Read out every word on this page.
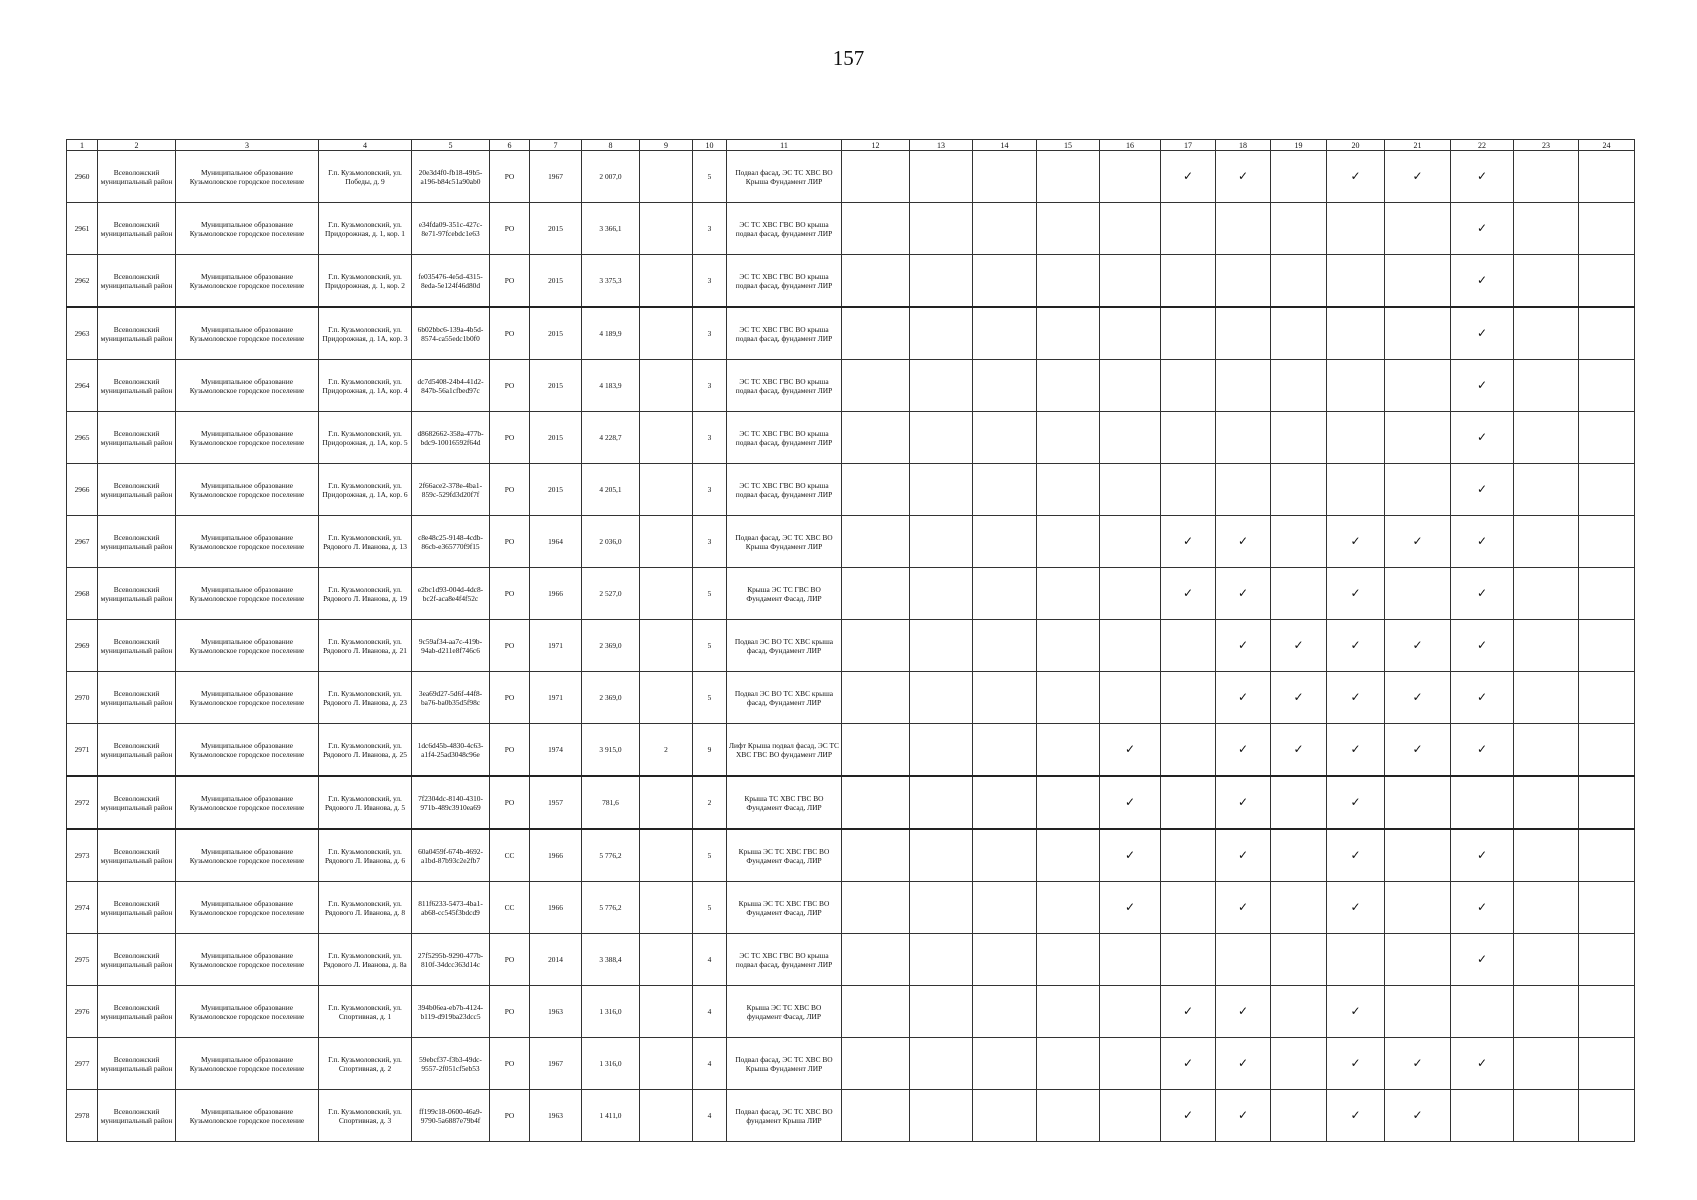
157
1	2	3	4	5	6	7	8	9	10	11	12	13	14	15	16	17	18	19	20	21	22	23	24	
2960	Всеволожский муниципальный район	Муниципальное образование Кузьмоловское городское поселение	Г.п. Кузьмоловский, ул. Победы, д. 9	20e3d4f0-fb18-49b5-a196-b84c51a90ab0	РО	1967	2 007,0		5	Подвал фасад, ЭС ТС ХВС ВО Крыша Фундамент ЛИР						✓	✓		✓	✓	✓			
2961	Всеволожский муниципальный район	Муниципальное образование Кузьмоловское городское поселение	Г.п. Кузьмоловский, ул. Придорожная, д. 1, кор. 1	e34fda09-351c-427c-8e71-97fcebdc1e63	РО	2015	3 366,1		3	ЭС ТС ХВС ГВС ВО крыша подвал фасад, фундамент ЛИР											✓			
2962	Всеволожский муниципальный район	Муниципальное образование Кузьмоловское городское поселение	Г.п. Кузьмоловский, ул. Придорожная, д. 1, кор. 2	fe035476-4e5d-4315-8eda-5e124f46d80d	РО	2015	3 375,3		3	ЭС ТС ХВС ГВС ВО крыша подвал фасад, фундамент ЛИР											✓			
2963	Всеволожский муниципальный район	Муниципальное образование Кузьмоловское городское поселение	Г.п. Кузьмоловский, ул. Придорожная, д. 1А, кор. 3	6b02bbc6-139a-4b5d-8574-ca55edc1b0f0	РО	2015	4 189,9		3	ЭС ТС ХВС ГВС ВО крыша подвал фасад, фундамент ЛИР											✓			
2964	Всеволожский муниципальный район	Муниципальное образование Кузьмоловское городское поселение	Г.п. Кузьмоловский, ул. Придорожная, д. 1А, кор. 4	dc7d5408-24b4-41d2-847b-56a1cfbed97c	РО	2015	4 183,9		3	ЭС ТС ХВС ГВС ВО крыша подвал фасад, фундамент ЛИР											✓			
2965	Всеволожский муниципальный район	Муниципальное образование Кузьмоловское городское поселение	Г.п. Кузьмоловский, ул. Придорожная, д. 1А, кор. 5	d8682662-358a-477b-bdc9-10016592f64d	РО	2015	4 228,7		3	ЭС ТС ХВС ГВС ВО крыша подвал фасад, фундамент ЛИР											✓			
2966	Всеволожский муниципальный район	Муниципальное образование Кузьмоловское городское поселение	Г.п. Кузьмоловский, ул. Придорожная, д. 1А, кор. 6	2f66ace2-378e-4ba1-859c-529fd3d20f7f	РО	2015	4 205,1		3	ЭС ТС ХВС ГВС ВО крыша подвал фасад, фундамент ЛИР											✓			
2967	Всеволожский муниципальный район	Муниципальное образование Кузьмоловское городское поселение	Г.п. Кузьмоловский, ул. Рядового Л. Иванова, д. 13	c8e48c25-9148-4cdb-86cb-e365770f9f15	РО	1964	2 036,0		3	Подвал фасад, ЭС ТС ХВС ВО Крыша Фундамент ЛИР						✓	✓		✓	✓	✓			
2968	Всеволожский муниципальный район	Муниципальное образование Кузьмоловское городское поселение	Г.п. Кузьмоловский, ул. Рядового Л. Иванова, д. 19	e2bc1d93-004d-4dc8-bc2f-aca8e4f4f52c	РО	1966	2 527,0		5	Крыша ЭС ТС ГВС ВО Фундамент Фасад, ЛИР						✓	✓		✓		✓			
2969	Всеволожский муниципальный район	Муниципальное образование Кузьмоловское городское поселение	Г.п. Кузьмоловский, ул. Рядового Л. Иванова, д. 21	9c59af34-aa7c-419b-94ab-d211e8f746c6	РО	1971	2 369,0		5	Подвал ЭС ВО ТС ХВС крыша фасад, Фундамент ЛИР							✓	✓	✓	✓	✓			
2970	Всеволожский муниципальный район	Муниципальное образование Кузьмоловское городское поселение	Г.п. Кузьмоловский, ул. Рядового Л. Иванова, д. 23	3ea69d27-5d6f-44f8-ba76-ba0b35d5f98c	РО	1971	2 369,0		5	Подвал ЭС ВО ТС ХВС крыша фасад, Фундамент ЛИР							✓	✓	✓	✓	✓			
2971	Всеволожский муниципальный район	Муниципальное образование Кузьмоловское городское поселение	Г.п. Кузьмоловский, ул. Рядового Л. Иванова, д. 25	1dc6d45b-4830-4c63-a1f4-25ad3048c96e	РО	1974	3 915,0	2	9	Лифт Крыша подвал фасад, ЭС ТС ХВС ГВС ВО фундамент ЛИР					✓		✓	✓	✓	✓	✓			
2972	Всеволожский муниципальный район	Муниципальное образование Кузьмоловское городское поселение	Г.п. Кузьмоловский, ул. Рядового Л. Иванова, д. 5	7f2304dc-8140-4310-971b-489c3910ea69	РО	1957	781,6		2	Крыша ТС ХВС ГВС ВО Фундамент Фасад, ЛИР					✓		✓		✓					
2973	Всеволожский муниципальный район	Муниципальное образование Кузьмоловское городское поселение	Г.п. Кузьмоловский, ул. Рядового Л. Иванова, д. 6	60a0459f-674b-4692-a1bd-87b93c2e2fb7	СС	1966	5 776,2		5	Крыша ЭС ТС ХВС ГВС ВО Фундамент Фасад, ЛИР					✓		✓		✓		✓			
2974	Всеволожский муниципальный район	Муниципальное образование Кузьмоловское городское поселение	Г.п. Кузьмоловский, ул. Рядового Л. Иванова, д. 8	811f6233-5473-4ba1-ab68-cc545f3bdcd9	СС	1966	5 776,2		5	Крыша ЭС ТС ХВС ГВС ВО Фундамент Фасад, ЛИР					✓		✓		✓		✓			
2975	Всеволожский муниципальный район	Муниципальное образование Кузьмоловское городское поселение	Г.п. Кузьмоловский, ул. Рядового Л. Иванова, д. 8а	27f5295b-9290-477b-810f-34dcc363d14c	РО	2014	3 388,4		4	ЭС ТС ХВС ГВС ВО крыша подвал фасад, фундамент ЛИР											✓			
2976	Всеволожский муниципальный район	Муниципальное образование Кузьмоловское городское поселение	Г.п. Кузьмоловский, ул. Спортивная, д. 1	394b06ea-eb7b-4124-b119-d919ba23dcc5	РО	1963	1 316,0		4	Крыша ЭС ТС ХВС ВО фундамент Фасад, ЛИР						✓	✓		✓					
2977	Всеволожский муниципальный район	Муниципальное образование Кузьмоловское городское поселение	Г.п. Кузьмоловский, ул. Спортивная, д. 2	59ebcf37-f3b3-49dc-9557-2f051cf5eb53	РО	1967	1 316,0		4	Подвал фасад, ЭС ТС ХВС ВО Крыша Фундамент ЛИР						✓	✓		✓	✓	✓			
2978	Всеволожский муниципальный район	Муниципальное образование Кузьмоловское городское поселение	Г.п. Кузьмоловский, ул. Спортивная, д. 3	ff199c18-0600-46a9-9790-5a6887e79b4f	РО	1963	1 411,0		4	Подвал фасад, ЭС ТС ХВС ВО фундамент Крыша ЛИР						✓	✓		✓	✓				
